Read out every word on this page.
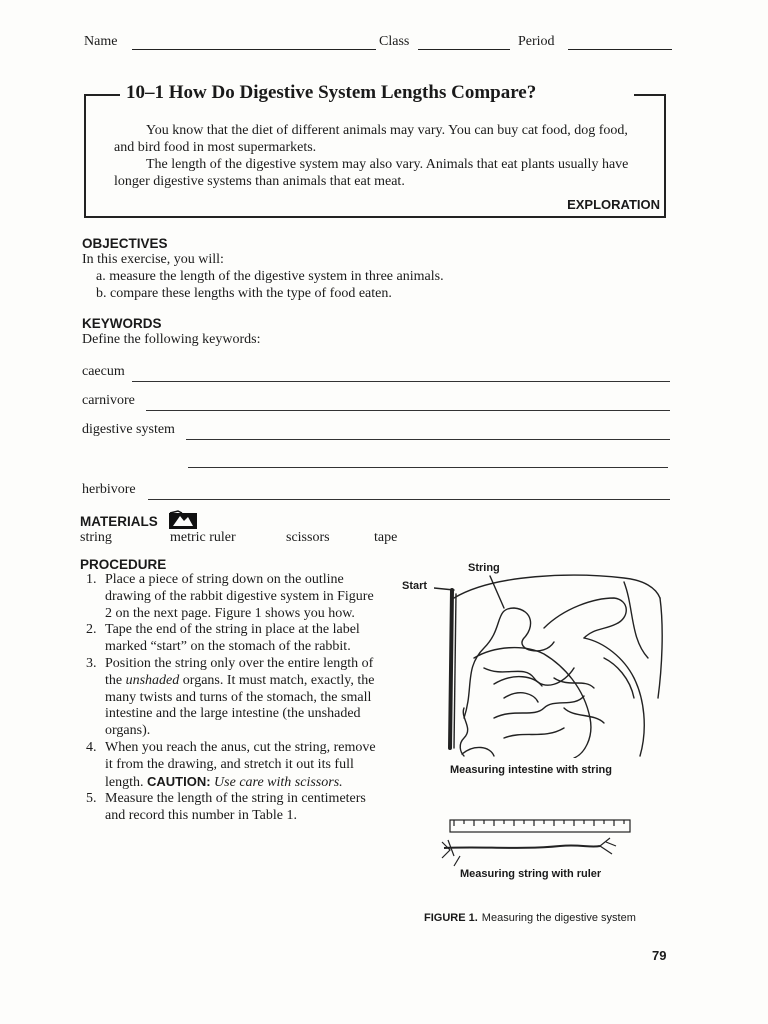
Name	Class	Period
10–1 How Do Digestive System Lengths Compare?

You know that the diet of different animals may vary. You can buy cat food, dog food, and bird food in most supermarkets.

The length of the digestive system may also vary. Animals that eat plants usually have longer digestive systems than animals that eat meat.

EXPLORATION
OBJECTIVES
In this exercise, you will:
a. measure the length of the digestive system in three animals.
b. compare these lengths with the type of food eaten.
KEYWORDS
Define the following keywords:
caecum
carnivore
digestive system
herbivore
MATERIALS
string	metric ruler	scissors	tape
PROCEDURE
1. Place a piece of string down on the outline drawing of the rabbit digestive system in Figure 2 on the next page. Figure 1 shows you how.
2. Tape the end of the string in place at the label marked “start” on the stomach of the rabbit.
3. Position the string only over the entire length of the unshaded organs. It must match, exactly, the many twists and turns of the stomach, the small intestine and the large intestine (the unshaded organs).
4. When you reach the anus, cut the string, remove it from the drawing, and stretch it out its full length. CAUTION: Use care with scissors.
5. Measure the length of the string in centimeters and record this number in Table 1.
String
Start
Measuring intestine with string
Measuring string with ruler
FIGURE 1. Measuring the digestive system
79
